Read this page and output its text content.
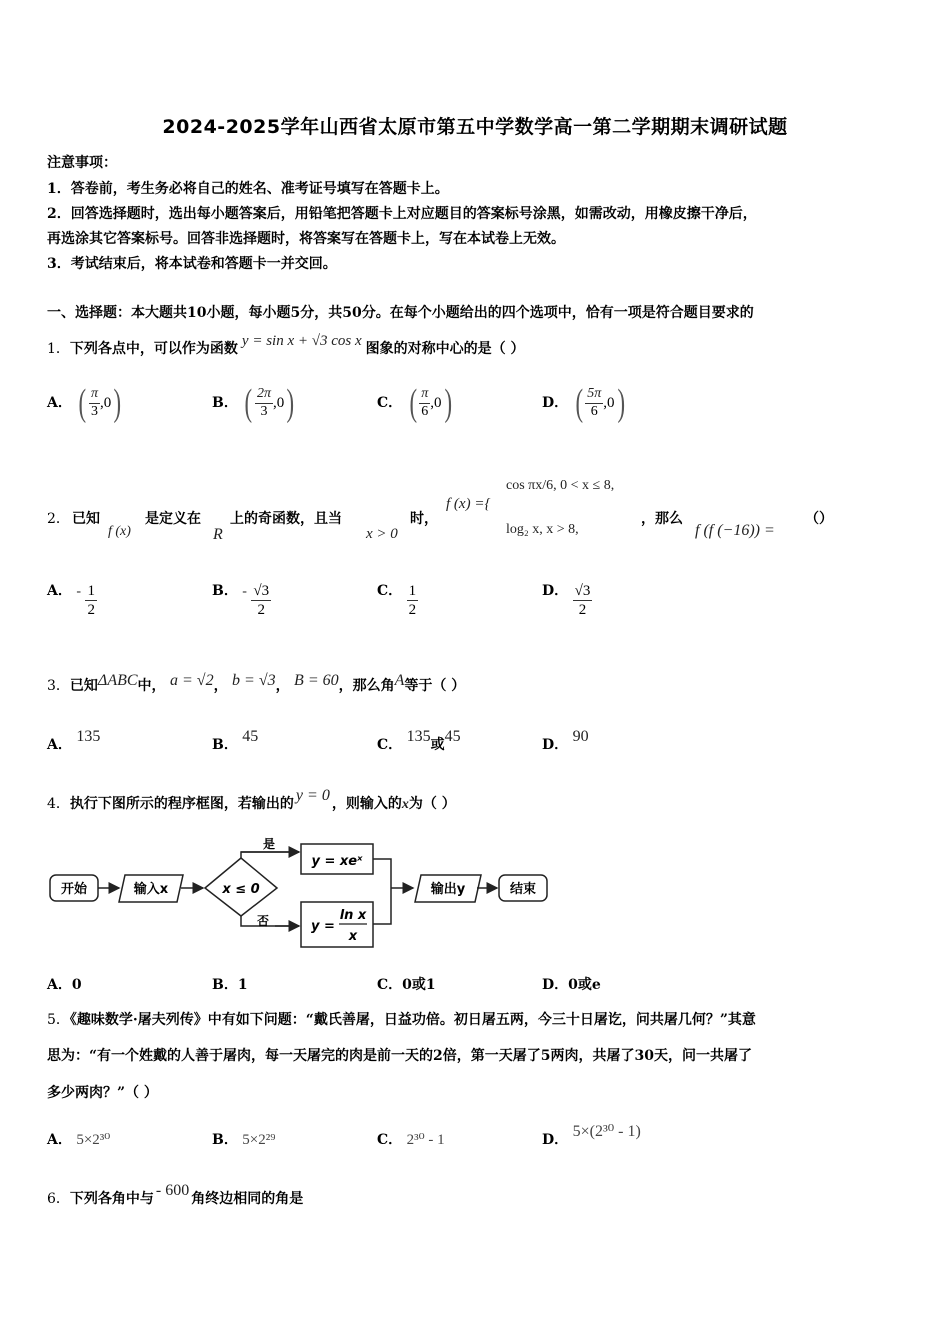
2024-2025学年山西省太原市第五中学数学高一第二学期期末调研试题
注意事项：
1．答卷前，考生务必将自己的姓名、准考证号填写在答题卡上。
2．回答选择题时，选出每小题答案后，用铅笔把答题卡上对应题目的答案标号涂黑，如需改动，用橡皮擦干净后，
再选涂其它答案标号。回答非选择题时，将答案写在答题卡上，写在本试卷上无效。
3．考试结束后，将本试卷和答题卡一并交回。
一、选择题：本大题共10小题，每小题5分，共50分。在每个小题给出的四个选项中，恰有一项是符合题目要求的
1．下列各点中，可以作为函数 y = sin x + √3 cos x 图象的对称中心的是（ ）
A． ( $\frac{\pi}{3} ,0$ )	B． ( $\frac{2\pi}{3} ,0$ )	C． ( $\frac{\pi}{6} ,0$ )	D． ( $\frac{5\pi}{6} ,0$ )
2． 已知
f (x)
是定义在
R
上的奇函数，且当
x > 0
时，
f (x) ={
cos πx/6, 0 < x ≤ 8,
log₂ x, x > 8,
，那么
f (f (−16)) =
（）
A． - $\frac{1}{2}$	B． - $\frac{√3}{2}$	C． $\frac{1}{2}$	D． $\frac{√3}{2}$
3．已知ΔABC中， a = √2， b = √3， B = 60，那么角A等于（ ）
A． 135	B． 45	C． 135或45	D． 90
4．执行下图所示的程序框图，若输出的 y = 0 ，则输入的x为（ ）
开始	输入x	x ≤ 0
是
y = xeˣ
否	y =
ln x
x
输出y	结束
A．0	B．1	C．0或1	D．0或e
5．《趣味数学·屠夫列传》中有如下问题：“戴氏善屠，日益功倍。初日屠五两，今三十日屠讫，问共屠几何？”其意
思为：“有一个姓戴的人善于屠肉，每一天屠完的肉是前一天的2倍，第一天屠了5两肉，共屠了30天，问一共屠了
多少两肉？”（ ）
A． 5×2³⁰	B． 5×2²⁹	C． 2³⁰ - 1	D． 5×(2³⁰ - 1)
6．下列各角中与 - 600 角终边相同的角是
